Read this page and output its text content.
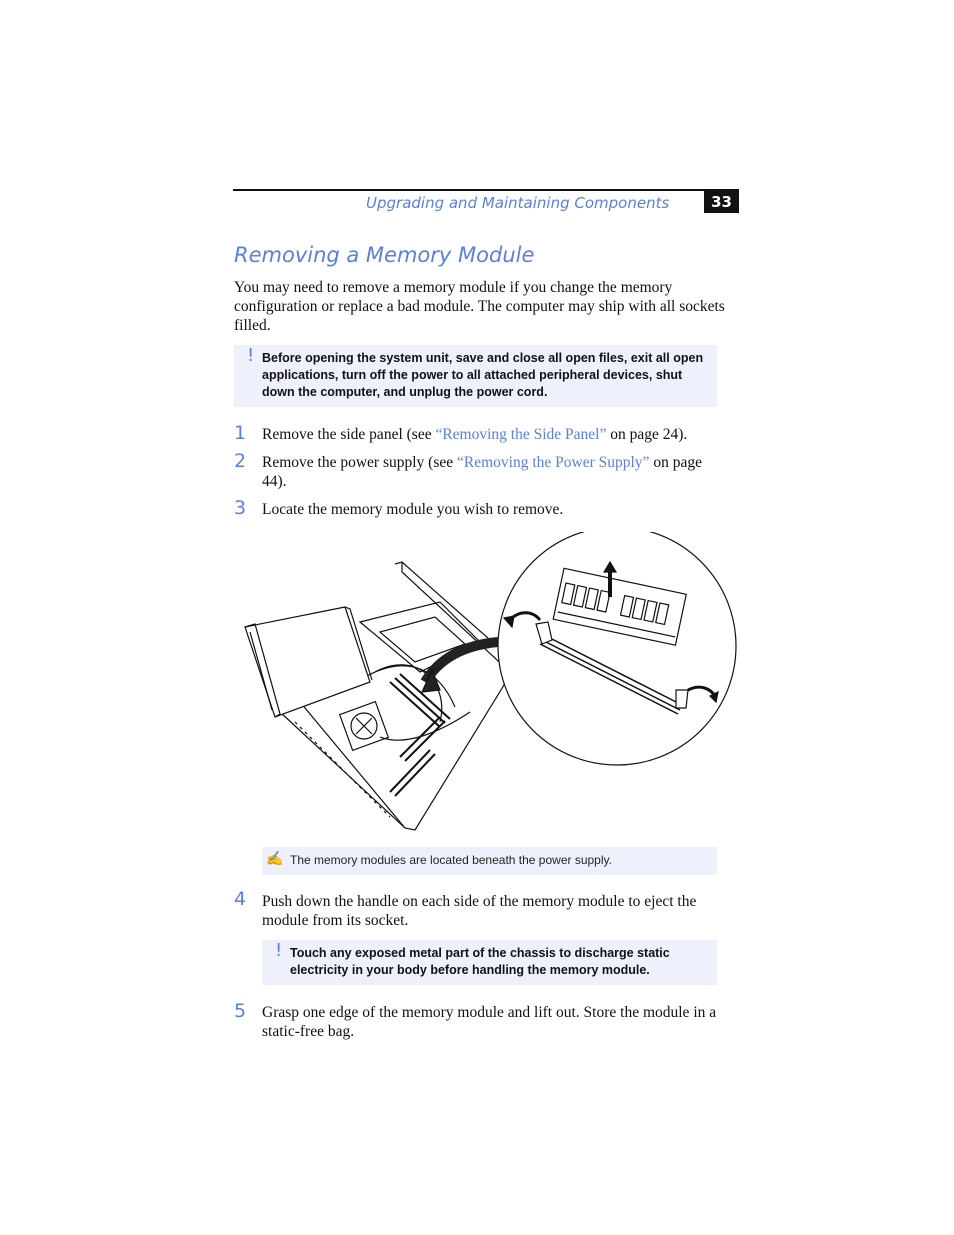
Upgrading and Maintaining Components	33
Removing a Memory Module
You may need to remove a memory module if you change the memory configuration or replace a bad module. The computer may ship with all sockets filled.
! Before opening the system unit, save and close all open files, exit all open applications, turn off the power to all attached peripheral devices, shut down the computer, and unplug the power cord.
1 Remove the side panel (see “Removing the Side Panel” on page 24).
2 Remove the power supply (see “Removing the Power Supply” on page 44).
3 Locate the memory module you wish to remove.
✍ The memory modules are located beneath the power supply.
4 Push down the handle on each side of the memory module to eject the module from its socket.
! Touch any exposed metal part of the chassis to discharge static electricity in your body before handling the memory module.
5 Grasp one edge of the memory module and lift out. Store the module in a static-free bag.
